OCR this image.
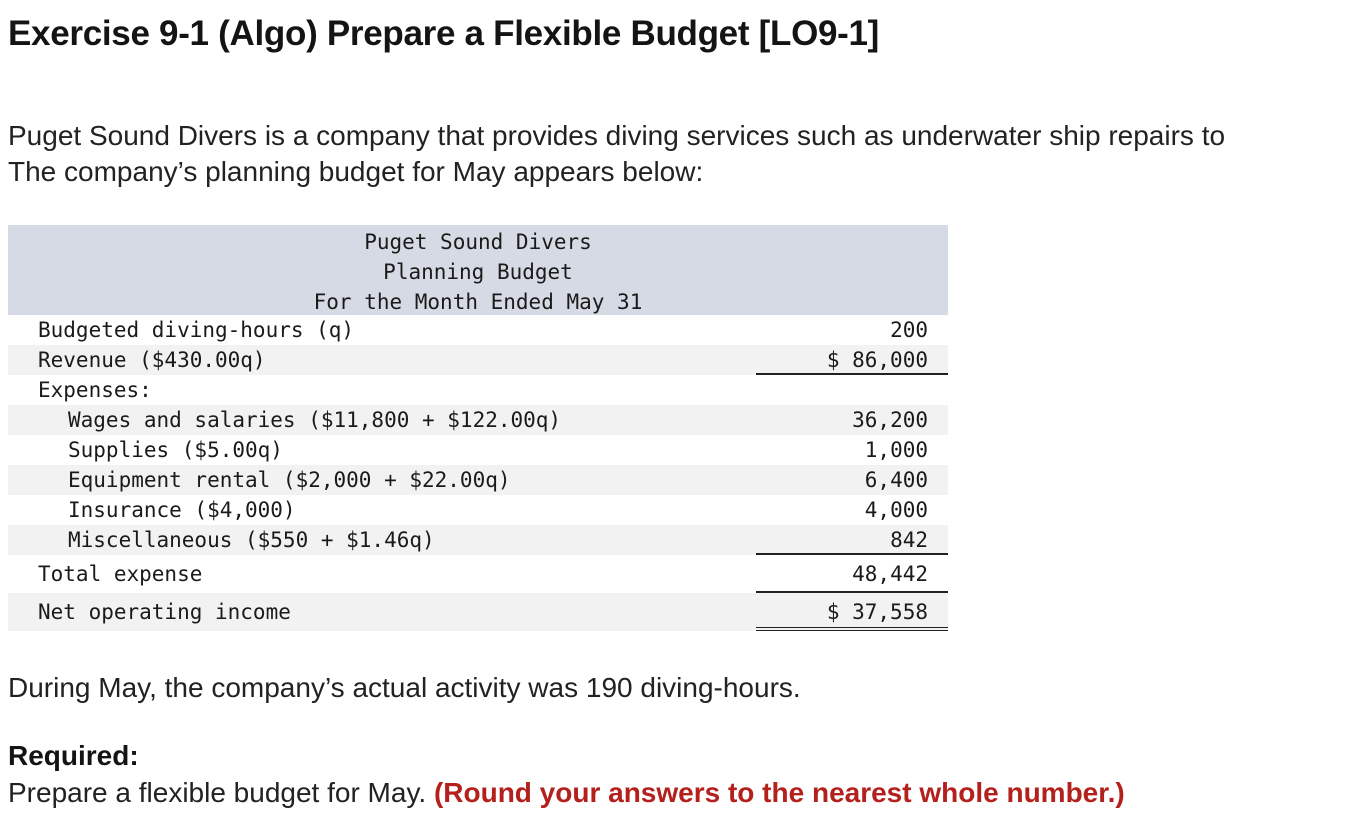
Exercise 9-1 (Algo) Prepare a Flexible Budget [LO9-1]
Puget Sound Divers is a company that provides diving services such as underwater ship repairs to
The company’s planning budget for May appears below:
Puget Sound Divers
Planning Budget
For the Month Ended May 31
Budgeted diving-hours (q)	200
Revenue ($430.00q)	$ 86,000
Expenses:
Wages and salaries ($11,800 + $122.00q)	36,200
Supplies ($5.00q)	1,000
Equipment rental ($2,000 + $22.00q)	6,400
Insurance ($4,000)	4,000
Miscellaneous ($550 + $1.46q)	842
Total expense	48,442
Net operating income	$ 37,558
During May, the company’s actual activity was 190 diving-hours.
Required:
Prepare a flexible budget for May. (Round your answers to the nearest whole number.)
